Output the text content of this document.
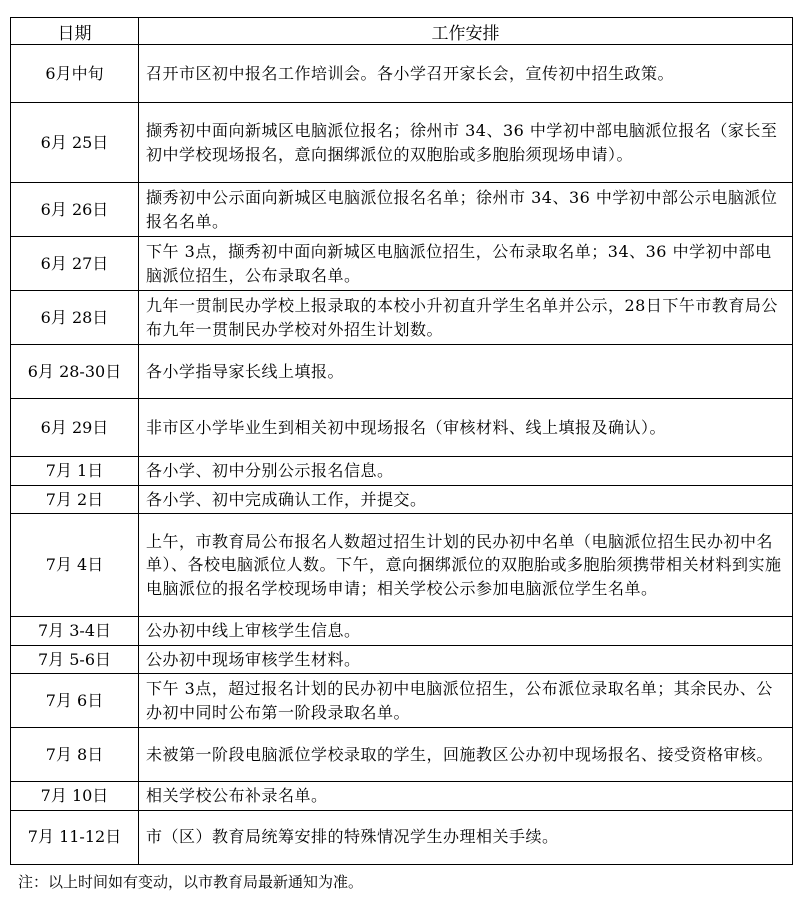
日期	工作安排
6月中旬	召开市区初中报名工作培训会。各小学召开家长会，宣传初中招生政策。
6月 25日	撷秀初中面向新城区电脑派位报名；徐州市 34、36 中学初中部电脑派位报名（家长至初中学校现场报名，意向捆绑派位的双胞胎或多胞胎须现场申请）。
6月 26日	撷秀初中公示面向新城区电脑派位报名名单；徐州市 34、36 中学初中部公示电脑派位报名名单。
6月 27日	下午 3点，撷秀初中面向新城区电脑派位招生，公布录取名单；34、36 中学初中部电脑派位招生，公布录取名单。
6月 28日	九年一贯制民办学校上报录取的本校小升初直升学生名单并公示，28日下午市教育局公布九年一贯制民办学校对外招生计划数。
6月 28-30日	各小学指导家长线上填报。
6月 29日	非市区小学毕业生到相关初中现场报名（审核材料、线上填报及确认）。
7月 1日	各小学、初中分别公示报名信息。
7月 2日	各小学、初中完成确认工作，并提交。
7月 4日	上午，市教育局公布报名人数超过招生计划的民办初中名单（电脑派位招生民办初中名单）、各校电脑派位人数。下午，意向捆绑派位的双胞胎或多胞胎须携带相关材料到实施电脑派位的报名学校现场申请；相关学校公示参加电脑派位学生名单。
7月 3-4日	公办初中线上审核学生信息。
7月 5-6日	公办初中现场审核学生材料。
7月 6日	下午 3点，超过报名计划的民办初中电脑派位招生，公布派位录取名单；其余民办、公办初中同时公布第一阶段录取名单。
7月 8日	未被第一阶段电脑派位学校录取的学生，回施教区公办初中现场报名、接受资格审核。
7月 10日	相关学校公布补录名单。
7月 11-12日	市（区）教育局统筹安排的特殊情况学生办理相关手续。
注：以上时间如有变动，以市教育局最新通知为准。
